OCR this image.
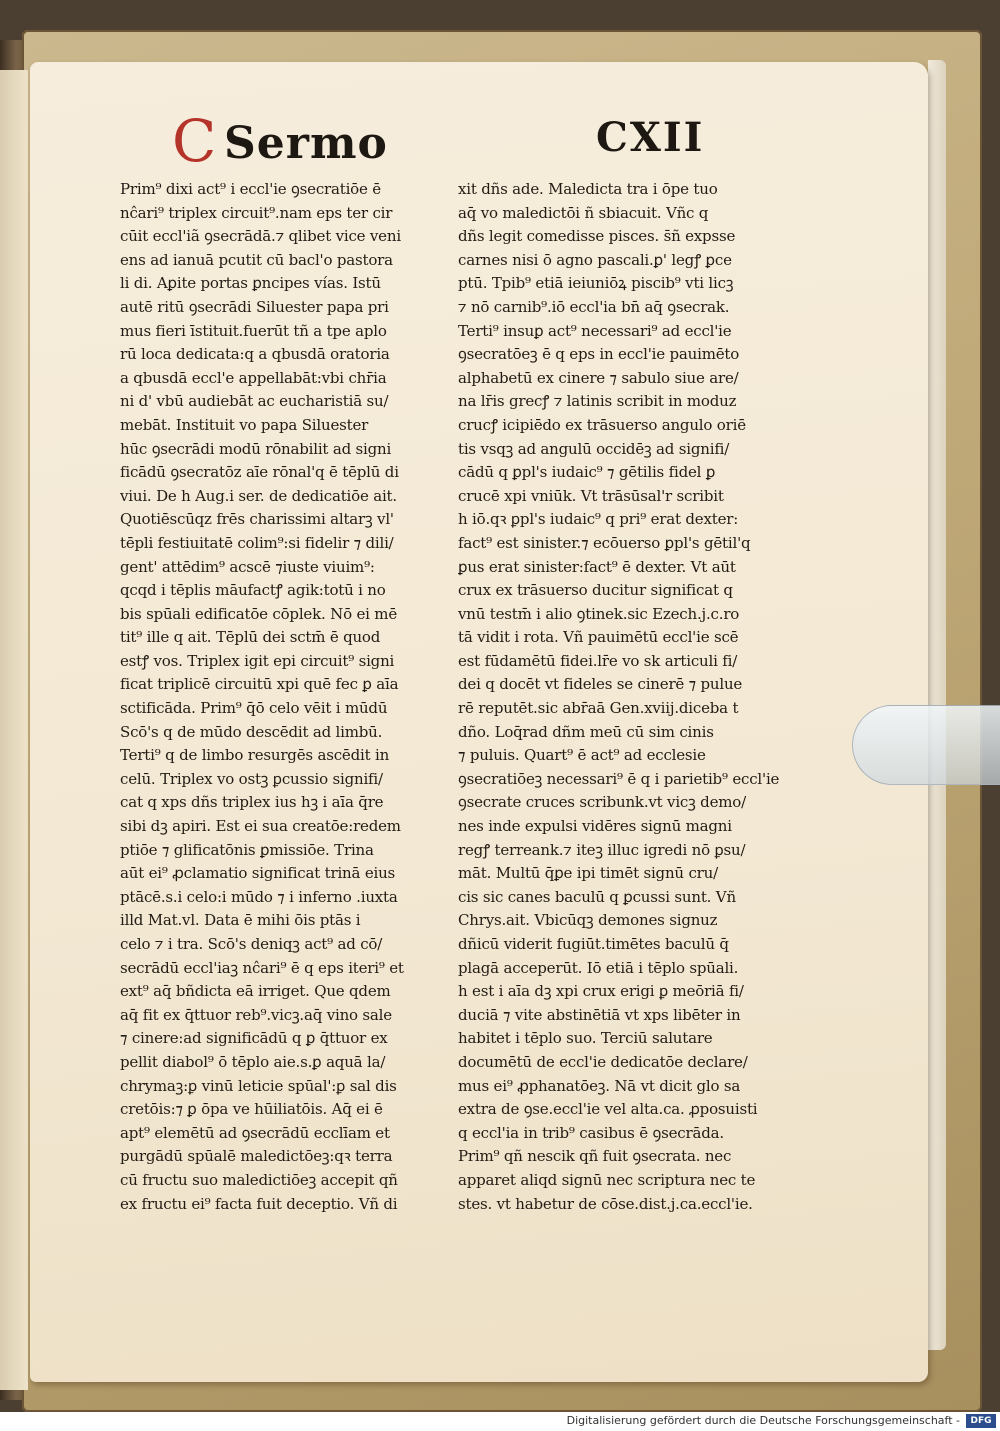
C Sermo	CXII
Prim⁹ dixi act⁹ i eccl'ie ꝯsecratiōe ē
nĉari⁹ triplex circuit⁹.nam eps ter cir
cūit eccl'iã ꝯsecrādā.⁊ qlibet vice veni
ens ad ianuā pcutit cū bacl'o pastora
li di. Aꝑite portas ꝑncipes vías. Istū
autē ritū ꝯsecrādi Siluester papa pri
mus fieri īstituit.fuerūt tñ a tpe aplo
rū loca dedicata:q a qbusdā oratoria
a qbusdā eccl'e appellabāt:vbi chr̄ia
ni d' vbū audiebāt ac eucharistiā su/
mebāt. Instituit vo papa Siluester
hūc ꝯsecrādi modū rōnabilit ad signi
ficādū ꝯsecratōz aīe rōnal'q ē tēplū di
viui. De h Aug.i ser. de dedicatiōe ait.
Quotiēscūqz frēs charissimi altarꝫ vl'
tēpli festiuitatē colim⁹:si fidelir ⁊ dili/
gent' attēdim⁹ acscē ⁊iuste viuim⁹:
qcqd i tēplis māufactꝭ agik:totū i no
bis spūali edificatōe cōplek. Nō ei mē
tit⁹ ille q ait. Tēplū dei sctm̄ ē quod
estꝭ vos. Triplex igit epi circuit⁹ signi
ficat triplicē circuitū xpi quē fec ꝑ aīa
sctificāda. Prim⁹ q̄ō celo vēit i mūdū
Scō's q de mūdo descēdit ad limbū.
Terti⁹ q de limbo resurgēs ascēdit in
celū. Triplex vo ostꝫ ꝑcussio signifi/
cat q xps dñs triplex ius hꝫ i aīa q̄re
sibi dꝫ apiri. Est ei sua creatōe:redem
ptiōe ⁊ glificatōnis ꝑmissiōe. Trina
aūt ei⁹ ꝓclamatio significat trinā eius
ptācē.s.i celo:i mūdo ⁊ i inferno .iuxta
illd Mat.vl. Data ē mihi ōis ptās i
celo ⁊ i tra. Scō's deniqꝫ act⁹ ad cō/
secrādū eccl'iaꝫ nĉari⁹ ē q eps iteri⁹ et
ext⁹ aq̄ bñdicta eā irriget. Que qdem
aq̄ fit ex q̄ttuor reb⁹.vicꝫ.aq̄ vino sale
⁊ cinere:ad significādū q ꝑ q̄ttuor ex
pellit diabol⁹ ō tēplo aie.s.ꝑ aquā la/
chrymaꝫ:ꝑ vinū leticie spūal':ꝑ sal dis
cretōis:⁊ ꝑ ōpa ve hūiliatōis. Aq̄ ei ē
apt⁹ elemētū ad ꝯsecrādū ecclīam et
purgādū spūalē maledictōeꝫ:qꝛ terra
cū fructu suo maledictiōeꝫ accepit qñ
ex fructu ei⁹ facta fuit deceptio. Vñ di
xit dñs ade. Maledicta tra i ōpe tuo
aq̄ vo maledictōi ñ sbiacuit. Vñc q
dñs legit comedisse pisces. s̄ñ expsse
carnes nisi ō agno pascali.ꝑ' legꝭ ꝑce
ptū. Tpib⁹ etiā ieiuniōꝝ piscib⁹ vti licꝫ
⁊ nō carnib⁹.iō eccl'ia bn̄ aq̄ ꝯsecrak.
Terti⁹ insuꝑ act⁹ necessari⁹ ad eccl'ie
ꝯsecratōeꝫ ē q eps in eccl'ie pauimēto
alphabetū ex cinere ⁊ sabulo siue are/
na lr̄is grecꝭ ⁊ latinis scribit in moduz
crucꝭ icipiēdo ex trāsuerso angulo oriē
tis vsqꝫ ad angulū occidēꝫ ad signifi/
cādū q ꝑpl's iudaic⁹ ⁊ gētilis fidel ꝑ
crucē xpi vniūk. Vt trāsūsal'r scribit
h iō.qꝛ ꝑpl's iudaic⁹ q pri⁹ erat dexter:
fact⁹ est sinister.⁊ ecōuerso ꝑpl's gētil'q
ꝑus erat sinister:fact⁹ ē dexter. Vt aūt
crux ex trāsuerso ducitur significat q
vnū testm̄ i alio ꝯtinek.sic Ezech.j.c.ro
tā vidit i rota. Vñ pauimētū eccl'ie scē
est fūdamētū fidei.lr̄e vo sk articuli fi/
dei q docēt vt fideles se cinerē ⁊ pulue
rē reputēt.sic abr̄aā Gen.xviij.diceba t
dño. Loq̄rad dñm meū cū sim cinis
⁊ puluis. Quart⁹ ē act⁹ ad ecclesie
ꝯsecratiōeꝫ necessari⁹ ē q i parietib⁹ eccl'ie
ꝯsecrate cruces scribunk.vt vicꝫ demo/
nes inde expulsi vidēres signū magni
regꝭ terreank.⁊ iteꝫ illuc igredi nō ꝑsu/
māt. Multū q̄ꝑe ipi timēt signū cru/
cis sic canes baculū q ꝑcussi sunt. Vñ
Chrys.ait. Vbicūqꝫ demones signuz
dñicū viderit fugiūt.timētes baculū q̄
plagā acceperūt. Iō etiā i tēplo spūali.
h est i aīa dꝫ xpi crux erigi ꝑ meōriā fi/
duciā ⁊ vite abstinētiā vt xps libēter in
habitet i tēplo suo. Terciū salutare
documētū de eccl'ie dedicatōe declare/
mus ei⁹ ꝓphanatōeꝫ. Nā vt dicit glo sa
extra de ꝯse.eccl'ie vel alta.ca. ꝓposuisti
q eccl'ia in trib⁹ casibus ē ꝯsecrāda.
Prim⁹ qñ nescik qñ fuit ꝯsecrata. nec
apparet aliqd signū nec scriptura nec te
stes. vt habetur de cōse.dist.j.ca.eccl'ie.
Digitalisierung gefördert durch die Deutsche Forschungsgemeinschaft -	DFG
